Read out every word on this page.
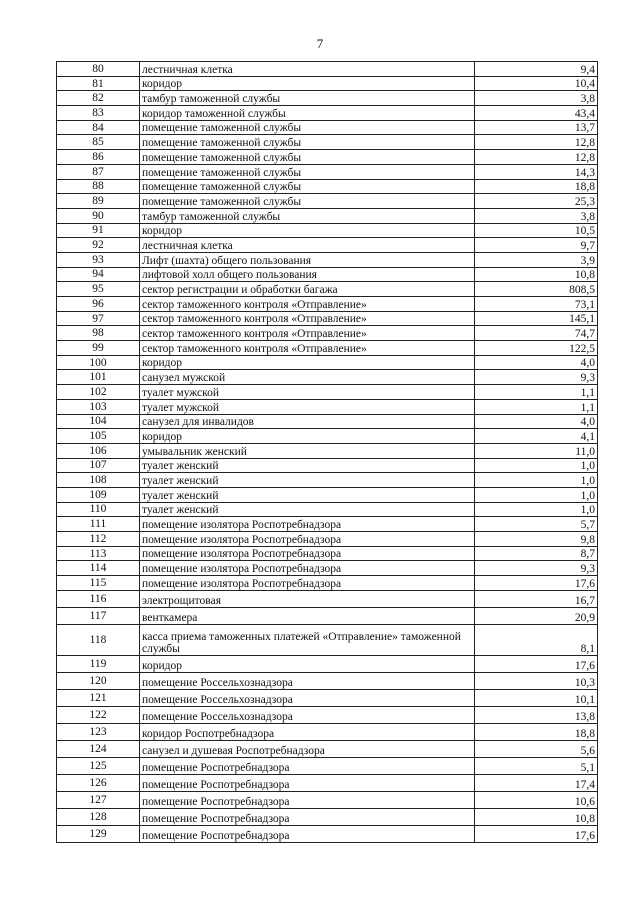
7
80	лестничная клетка	9,4
81	коридор	10,4
82	тамбур таможенной службы	3,8
83	коридор таможенной службы	43,4
84	помещение таможенной службы	13,7
85	помещение таможенной службы	12,8
86	помещение таможенной службы	12,8
87	помещение таможенной службы	14,3
88	помещение таможенной службы	18,8
89	помещение таможенной службы	25,3
90	тамбур таможенной службы	3,8
91	коридор	10,5
92	лестничная клетка	9,7
93	Лифт (шахта) общего пользования	3,9
94	лифтовой холл общего пользования	10,8
95	сектор регистрации и обработки багажа	808,5
96	сектор таможенного контроля «Отправление»	73,1
97	сектор таможенного контроля «Отправление»	145,1
98	сектор таможенного контроля «Отправление»	74,7
99	сектор таможенного контроля «Отправление»	122,5
100	коридор	4,0
101	санузел мужской	9,3
102	туалет мужской	1,1
103	туалет мужской	1,1
104	санузел для инвалидов	4,0
105	коридор	4,1
106	умывальник женский	11,0
107	туалет женский	1,0
108	туалет женский	1,0
109	туалет женский	1,0
110	туалет женский	1,0
111	помещение изолятора Роспотребнадзора	5,7
112	помещение изолятора Роспотребнадзора	9,8
113	помещение изолятора Роспотребнадзора	8,7
114	помещение изолятора Роспотребнадзора	9,3
115	помещение изолятора Роспотребнадзора	17,6
116	электрощитовая	16,7
117	венткамера	20,9
118	касса приема таможенных платежей «Отправление» таможенной службы	8,1
119	коридор	17,6
120	помещение Россельхознадзора	10,3
121	помещение Россельхознадзора	10,1
122	помещение Россельхознадзора	13,8
123	коридор Роспотребнадзора	18,8
124	санузел и душевая Роспотребнадзора	5,6
125	помещение Роспотребнадзора	5,1
126	помещение Роспотребнадзора	17,4
127	помещение Роспотребнадзора	10,6
128	помещение Роспотребнадзора	10,8
129	помещение Роспотребнадзора	17,6
